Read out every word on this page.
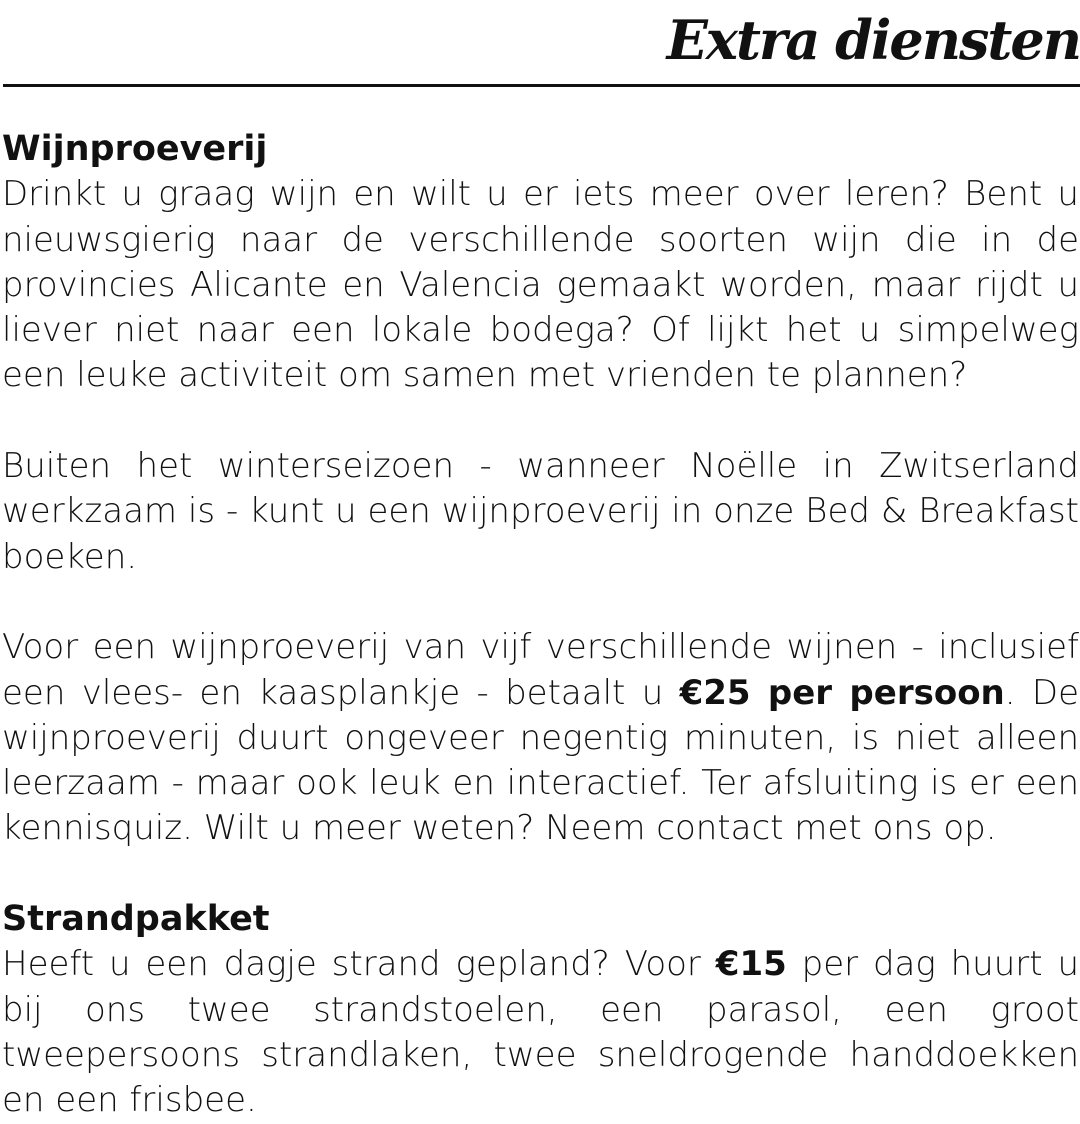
Extra diensten
Wijnproeverij

Drinkt u graag wijn en wilt u er iets meer over leren? Bent u nieuwsgierig naar de verschillende soorten wijn die in de provincies Alicante en Valencia gemaakt worden, maar rijdt u liever niet naar een lokale bodega? Of lijkt het u simpelweg een leuke activiteit om samen met vrienden te plannen?

Buiten het winterseizoen - wanneer Noëlle in Zwitserland werkzaam is - kunt u een wijnproeverij in onze Bed & Breakfast boeken.

Voor een wijnproeverij van vijf verschillende wijnen - inclusief een vlees- en kaasplankje - betaalt u €25 per persoon. De wijnproeverij duurt ongeveer negentig minuten, is niet alleen leerzaam - maar ook leuk en interactief. Ter afsluiting is er een kennisquiz. Wilt u meer weten? Neem contact met ons op.

Strandpakket

Heeft u een dagje strand gepland? Voor €15 per dag huurt u bij ons twee strandstoelen, een parasol, een groot tweepersoons strandlaken, twee sneldrogende handdoekken en een frisbee.
